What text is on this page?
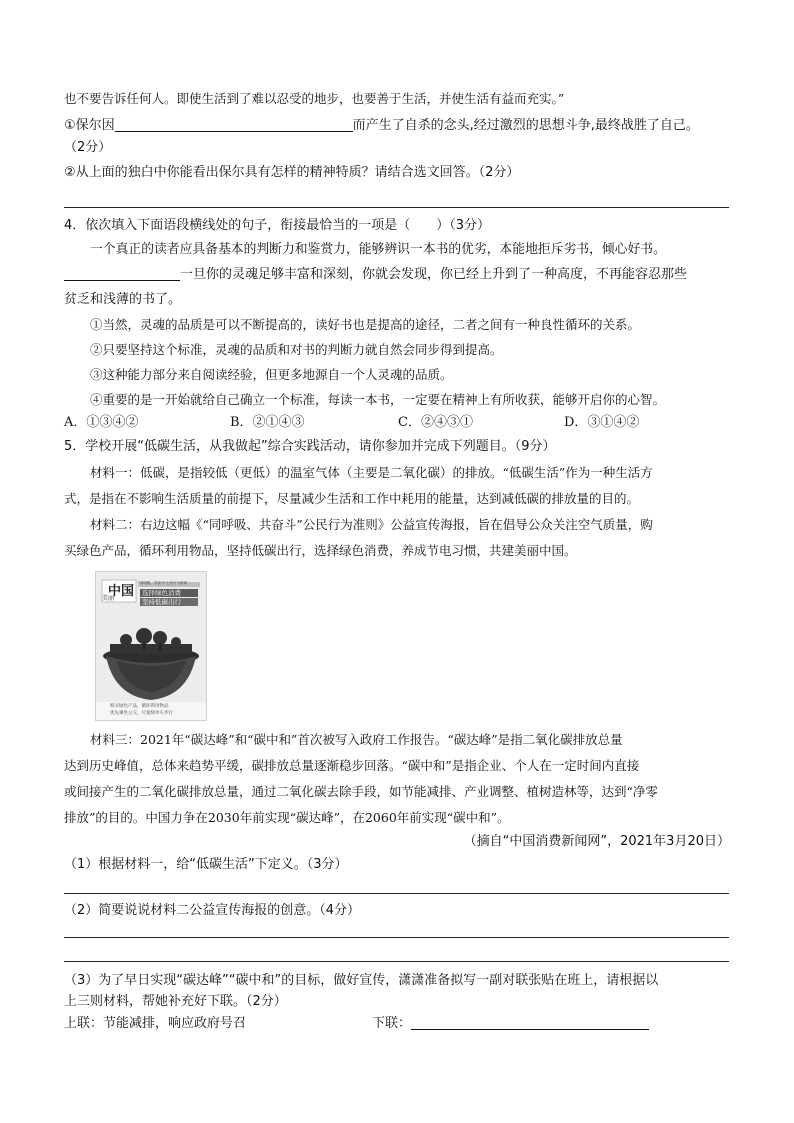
也不要告诉任何人。即使生活到了难以忍受的地步，也要善于生活，并使生活有益而充实。”
①保尔因	而产生了自杀的念头,经过激烈的思想斗争,最终战胜了自己。
（2分）
②从上面的独白中你能看出保尔具有怎样的精神特质？请结合选文回答。（2分）
4．依次填入下面语段横线处的句子，衔接最恰当的一项是（　　）（3分）
一个真正的读者应具备基本的判断力和鉴赏力，能够辨识一本书的优劣，本能地拒斥劣书，倾心好书。
一旦你的灵魂足够丰富和深刻，你就会发现，你已经上升到了一种高度，不再能容忍那些
贫乏和浅薄的书了。
①当然，灵魂的品质是可以不断提高的，读好书也是提高的途径，二者之间有一种良性循环的关系。
②只要坚持这个标准，灵魂的品质和对书的判断力就自然会同步得到提高。
③这种能力部分来自阅读经验，但更多地源自一个人灵魂的品质。
④重要的是一开始就给自己确立一个标准，每读一本书，一定要在精神上有所收获，能够开启你的心智。
A．①③④②	B．②①④③	C．②④③①	D．③①④②
5．学校开展“低碳生活，从我做起”综合实践活动，请你参加并完成下列题目。（9分）
材料一：低碳，是指较低（更低）的温室气体（主要是二氧化碳）的排放。“低碳生活”作为一种生活方
式，是指在不影响生活质量的前提下，尽量减少生活和工作中耗用的能量，达到减低碳的排放量的目的。
材料二：右边这幅《“同呼吸、共奋斗”公民行为准则》公益宣传海报，旨在倡导公众关注空气质量，购
买绿色产品，循环利用物品，坚持低碳出行，选择绿色消费，养成节电习惯，共建美丽中国。
中国
美丽
“同呼吸，共奋斗”公民行为准则
选择绿色消费
坚持低碳出行
购买绿色产品，循环利用物品
优先乘坐公交，尽量骑单车步行
材料三：2021年“碳达峰”和“碳中和”首次被写入政府工作报告。“碳达峰”是指二氧化碳排放总量
达到历史峰值，总体来趋势平缓，碳排放总量逐渐稳步回落。“碳中和”是指企业、个人在一定时间内直接
或间接产生的二氧化碳排放总量，通过二氧化碳去除手段，如节能减排、产业调整、植树造林等，达到“净零
排放”的目的。中国力争在2030年前实现“碳达峰”，在2060年前实现“碳中和”。
（摘自“中国消费新闻网”，2021年3月20日）
（1）根据材料一，给“低碳生活”下定义。（3分）
（2）简要说说材料二公益宣传海报的创意。（4分）
（3）为了早日实现“碳达峰”“碳中和”的目标，做好宣传，潇潇准备拟写一副对联张贴在班上，请根据以
上三则材料，帮她补充好下联。（2分）
上联：节能减排，响应政府号召	下联：
